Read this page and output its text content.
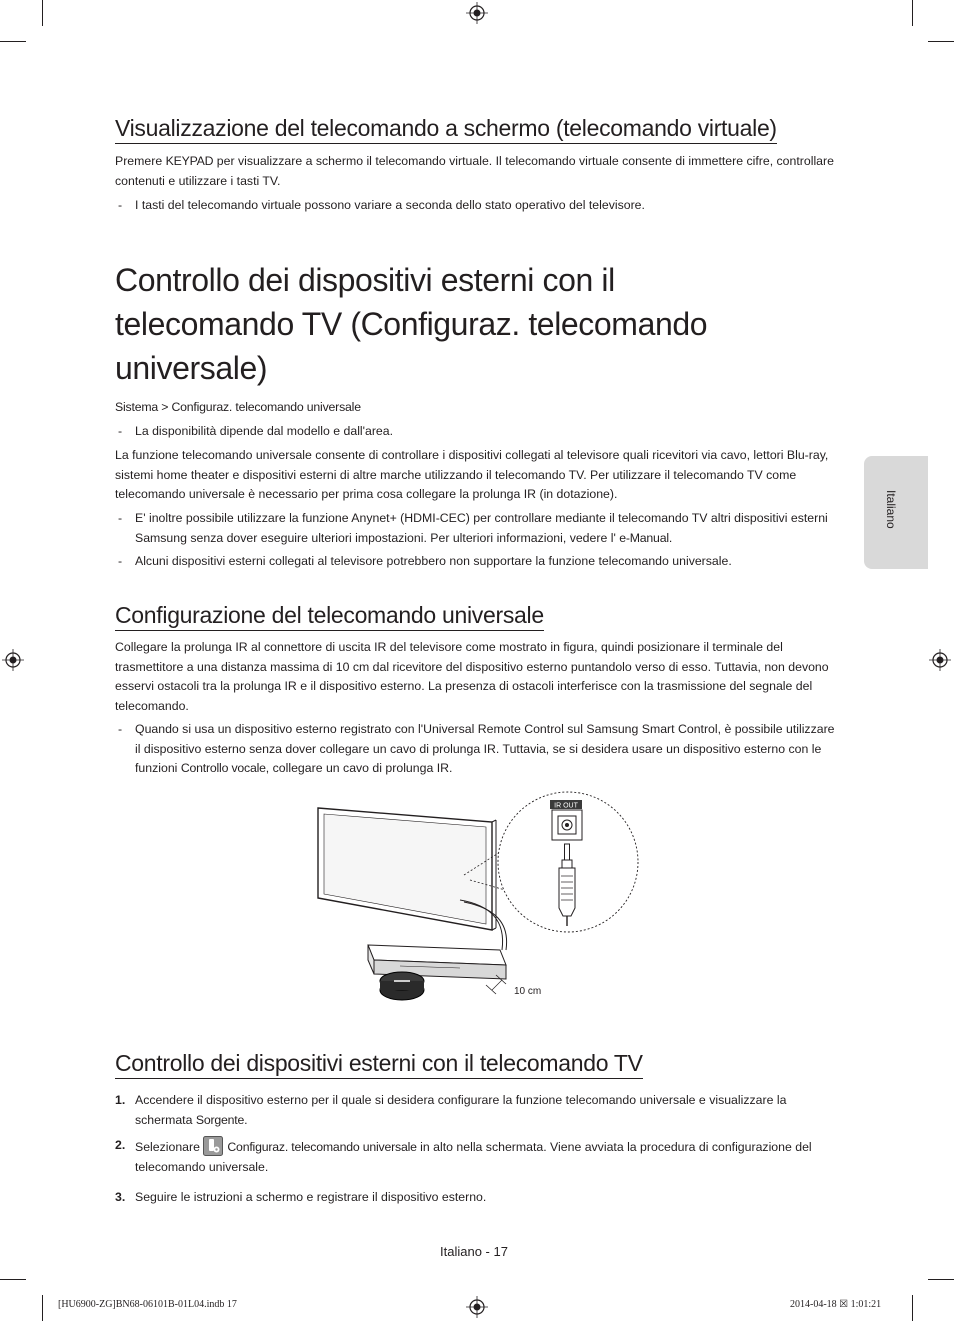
Italiano
Visualizzazione del telecomando a schermo (telecomando virtuale)

Premere KEYPAD per visualizzare a schermo il telecomando virtuale. Il telecomando virtuale consente di immettere cifre, controllare contenuti e utilizzare i tasti TV.

- I tasti del telecomando virtuale possono variare a seconda dello stato operativo del televisore.
Controllo dei dispositivi esterni con il telecomando TV (Configuraz. telecomando universale)

Sistema > Configuraz. telecomando universale

- La disponibilità dipende dal modello e dall'area.

La funzione telecomando universale consente di controllare i dispositivi collegati al televisore quali ricevitori via cavo, lettori Blu-ray, sistemi home theater e dispositivi esterni di altre marche utilizzando il telecomando TV. Per utilizzare il telecomando TV come telecomando universale è necessario per prima cosa collegare la prolunga IR (in dotazione).

- E' inoltre possibile utilizzare la funzione Anynet+ (HDMI-CEC) per controllare mediante il telecomando TV altri dispositivi esterni Samsung senza dover eseguire ulteriori impostazioni. Per ulteriori informazioni, vedere l' e-Manual.
- Alcuni dispositivi esterni collegati al televisore potrebbero non supportare la funzione telecomando universale.
Configurazione del telecomando universale

Collegare la prolunga IR al connettore di uscita IR del televisore come mostrato in figura, quindi posizionare il terminale del trasmettitore a una distanza massima di 10 cm dal ricevitore del dispositivo esterno puntandolo verso di esso. Tuttavia, non devono esservi ostacoli tra la prolunga IR e il dispositivo esterno. La presenza di ostacoli interferisce con la trasmissione del segnale del telecomando.

- Quando si usa un dispositivo esterno registrato con l'Universal Remote Control sul Samsung Smart Control, è possibile utilizzare il dispositivo esterno senza dover collegare un cavo di prolunga IR. Tuttavia, se si desidera usare un dispositivo esterno con le funzioni Controllo vocale, collegare un cavo di prolunga IR.
Controllo dei dispositivi esterni con il telecomando TV
1. Accendere il dispositivo esterno per il quale si desidera configurare la funzione telecomando universale e visualizzare la schermata Sorgente.
2. Selezionare Configuraz. telecomando universale in alto nella schermata. Viene avviata la procedura di configurazione del telecomando universale.
3. Seguire le istruzioni a schermo e registrare il dispositivo esterno.
10 cm
IR OUT
Italiano - 17
[HU6900-ZG]BN68-06101B-01L04.indb 17	2014-04-18 ☒ 1:01:21
